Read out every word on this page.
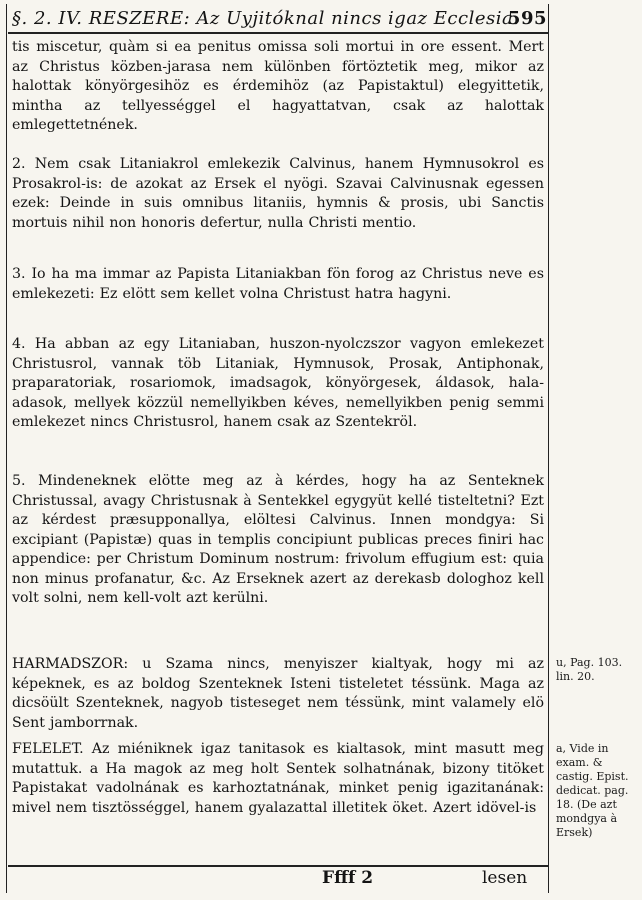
§. 2. IV. RESZERE: Az Uyjitóknal nincs igaz Ecclesia.
595
tis miscetur, quàm si ea penitus omissa soli mortui in ore essent. Mert az Christus közben-jarasa nem különben förtöztetik meg, mikor az halottak könyörgesihöz es érdemihöz (az Papistaktul) elegyittetik, mintha az tellyességgel el hagyattatvan, csak az halottak emlegettetnének.
2. Nem csak Litaniakrol emlekezik Calvinus, hanem Hymnusokrol es Prosakrol-is: de azokat az Ersek el nyögi. Szavai Calvinusnak egessen ezek: Deinde in suis omnibus litaniis, hymnis & prosis, ubi Sanctis mortuis nihil non honoris defertur, nulla Christi mentio.
3. Io ha ma immar az Papista Litaniakban fön forog az Christus neve es emlekezeti: Ez elött sem kellet volna Christust hatra hagyni.
4. Ha abban az egy Litaniaban, huszon-nyolczszor vagyon emlekezet Christusrol, vannak töb Litaniak, Hymnusok, Prosak, Antiphonak, praparatoriak, rosariomok, imadsagok, könyörgesek, áldasok, hala-adasok, mellyek közzül nemellyikben kéves, nemellyikben penig semmi emlekezet nincs Christusrol, hanem csak az Szentekröl.
5. Mindeneknek elötte meg az à kérdes, hogy ha az Senteknek Christussal, avagy Christusnak à Sentekkel egygyüt kellé tisteltetni? Ezt az kérdest præsupponallya, elöltesi Calvinus. Innen mondgya: Si excipiant (Papistæ) quas in templis concipiunt publicas preces finiri hac appendice: per Christum Dominum nostrum: frivolum effugium est: quia non minus profanatur, &c. Az Erseknek azert az derekasb dologhoz kell volt solni, nem kell-volt azt kerülni.
HARMADSZOR: u Szama nincs, menyiszer kialtyak, hogy mi az képeknek, es az boldog Szenteknek Isteni tisteletet téssünk. Maga az dicsöült Szenteknek, nagyob tisteseget nem téssünk, mint valamely elö Sent jamborrnak.
FELELET. Az miéniknek igaz tanitasok es kialtasok, mint masutt meg mutattuk. a Ha magok az meg holt Sentek solhatnának, bizony titöket Papistakat vadolnának es karhoztatnának, minket penig igazitanának: mivel nem tisztösséggel, hanem gyalazattal illetitek öket. Azert idövel-is
u, Pag. 103. lin. 20.
a, Vide in exam. & castig. Epist. dedicat. pag. 18. (De azt mondgya à Ersek)
Ffff 2	lesen
